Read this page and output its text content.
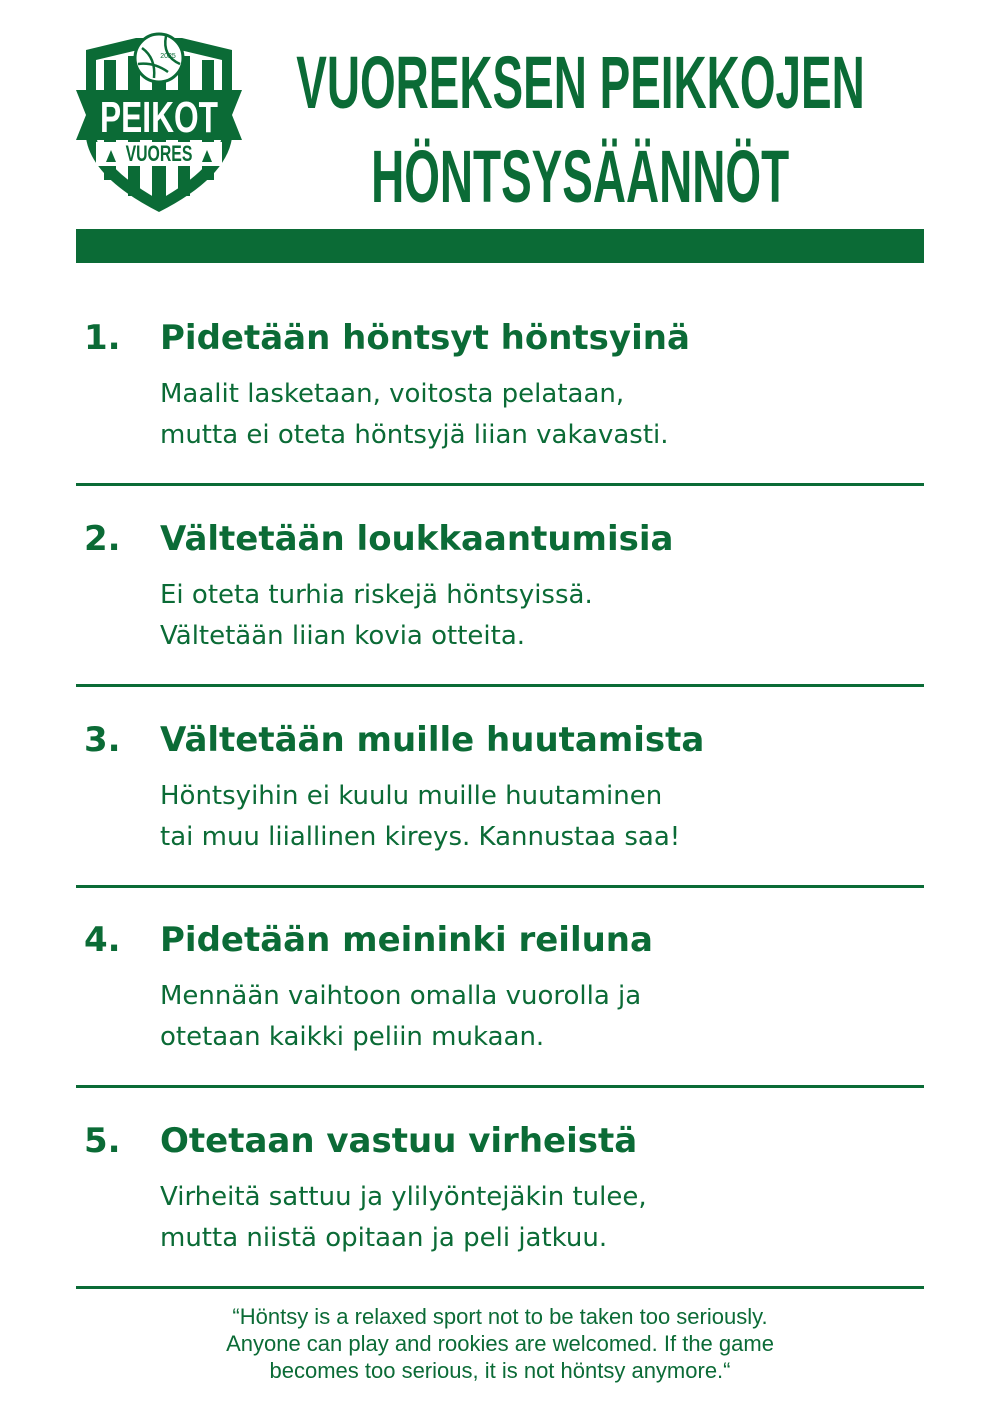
2025
PEIKOT
VUORES
VUOREKSEN PEIKKOJEN
HÖNTSYSÄÄNNÖT
1. Pidetään höntsyt höntsyinä
Maalit lasketaan, voitosta pelataan,
mutta ei oteta höntsyjä liian vakavasti.
2. Vältetään loukkaantumisia
Ei oteta turhia riskejä höntsyissä.
Vältetään liian kovia otteita.
3. Vältetään muille huutamista
Höntsyihin ei kuulu muille huutaminen
tai muu liiallinen kireys. Kannustaa saa!
4. Pidetään meininki reiluna
Mennään vaihtoon omalla vuorolla ja
otetaan kaikki peliin mukaan.
5. Otetaan vastuu virheistä
Virheitä sattuu ja ylilyöntejäkin tulee,
mutta niistä opitaan ja peli jatkuu.
“Höntsy is a relaxed sport not to be taken too seriously.
Anyone can play and rookies are welcomed. If the game
becomes too serious, it is not höntsy anymore.“
